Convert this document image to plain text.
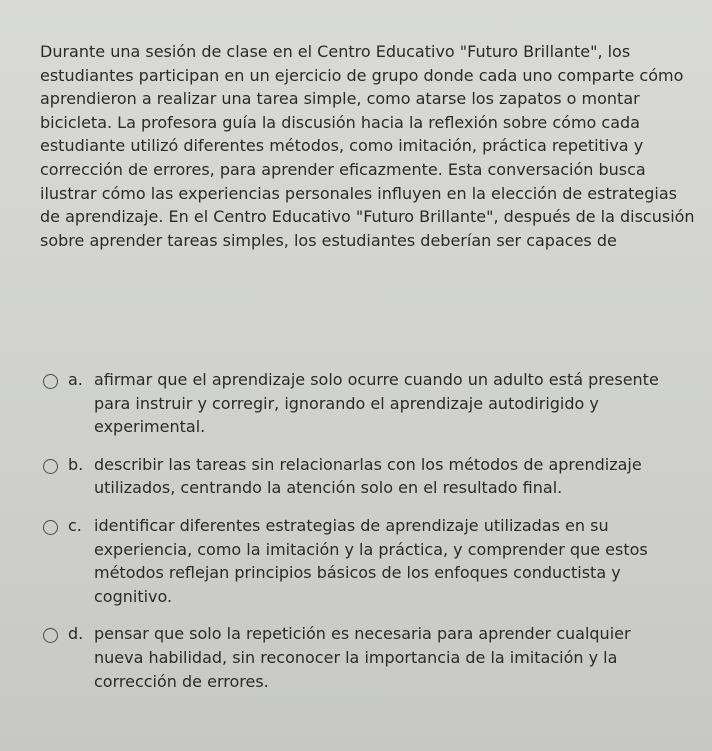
Durante una sesión de clase en el Centro Educativo "Futuro Brillante", los estudiantes participan en un ejercicio de grupo donde cada uno comparte cómo aprendieron a realizar una tarea simple, como atarse los zapatos o montar bicicleta. La profesora guía la discusión hacia la reflexión sobre cómo cada estudiante utilizó diferentes métodos, como imitación, práctica repetitiva y corrección de errores, para aprender eficazmente. Esta conversación busca ilustrar cómo las experiencias personales influyen en la elección de estrategias de aprendizaje. En el Centro Educativo "Futuro Brillante", después de la discusión sobre aprender tareas simples, los estudiantes deberían ser capaces de
a. afirmar que el aprendizaje solo ocurre cuando un adulto está presente para instruir y corregir, ignorando el aprendizaje autodirigido y experimental.
b. describir las tareas sin relacionarlas con los métodos de aprendizaje utilizados, centrando la atención solo en el resultado final.
c. identificar diferentes estrategias de aprendizaje utilizadas en su experiencia, como la imitación y la práctica, y comprender que estos métodos reflejan principios básicos de los enfoques conductista y cognitivo.
d. pensar que solo la repetición es necesaria para aprender cualquier nueva habilidad, sin reconocer la importancia de la imitación y la corrección de errores.
